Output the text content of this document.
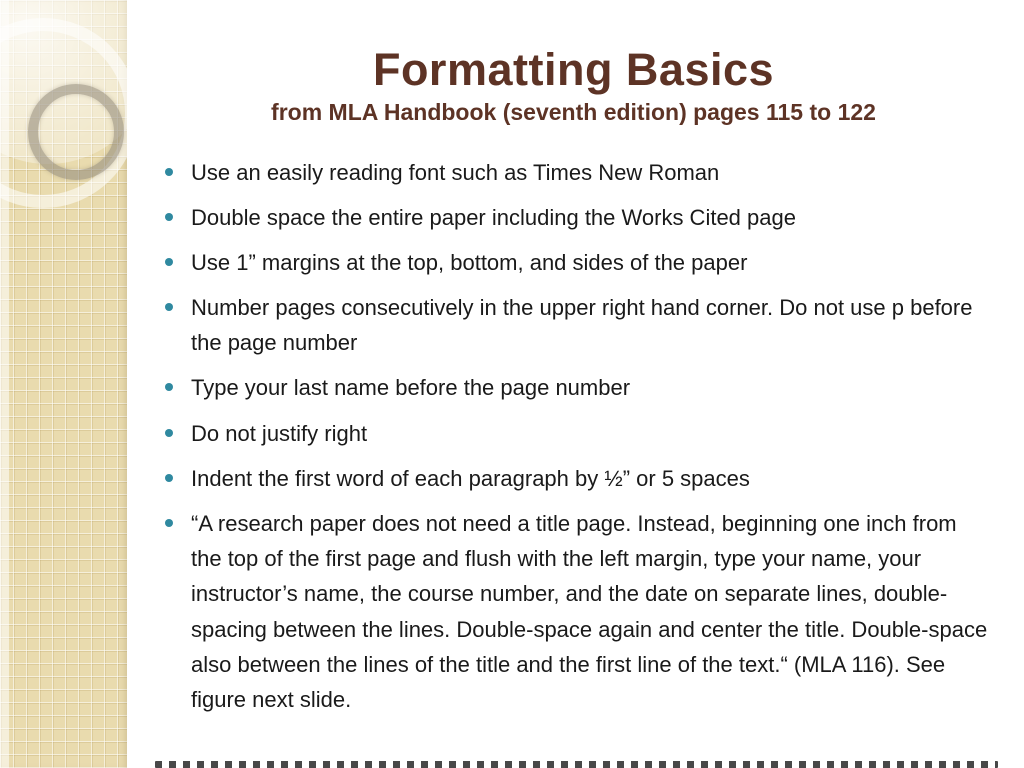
Formatting Basics
from MLA Handbook (seventh edition) pages 115 to 122
Use an easily reading font such as Times New Roman
Double space the entire paper including the Works Cited page
Use 1” margins at the top, bottom, and sides of the paper
Number pages consecutively in the upper right hand corner. Do not use p before the page number
Type your last name before the page number
Do not justify right
Indent the first word of each paragraph by ½” or 5 spaces
“A research paper does not need a title page. Instead, beginning one inch from the top of the first page and flush with the left margin, type your name, your instructor’s name, the course number, and the date on separate lines, double-spacing between the lines. Double-space again and center the title. Double-space also between the lines of the title and the first line of the text.“ (MLA 116). See figure next slide.
